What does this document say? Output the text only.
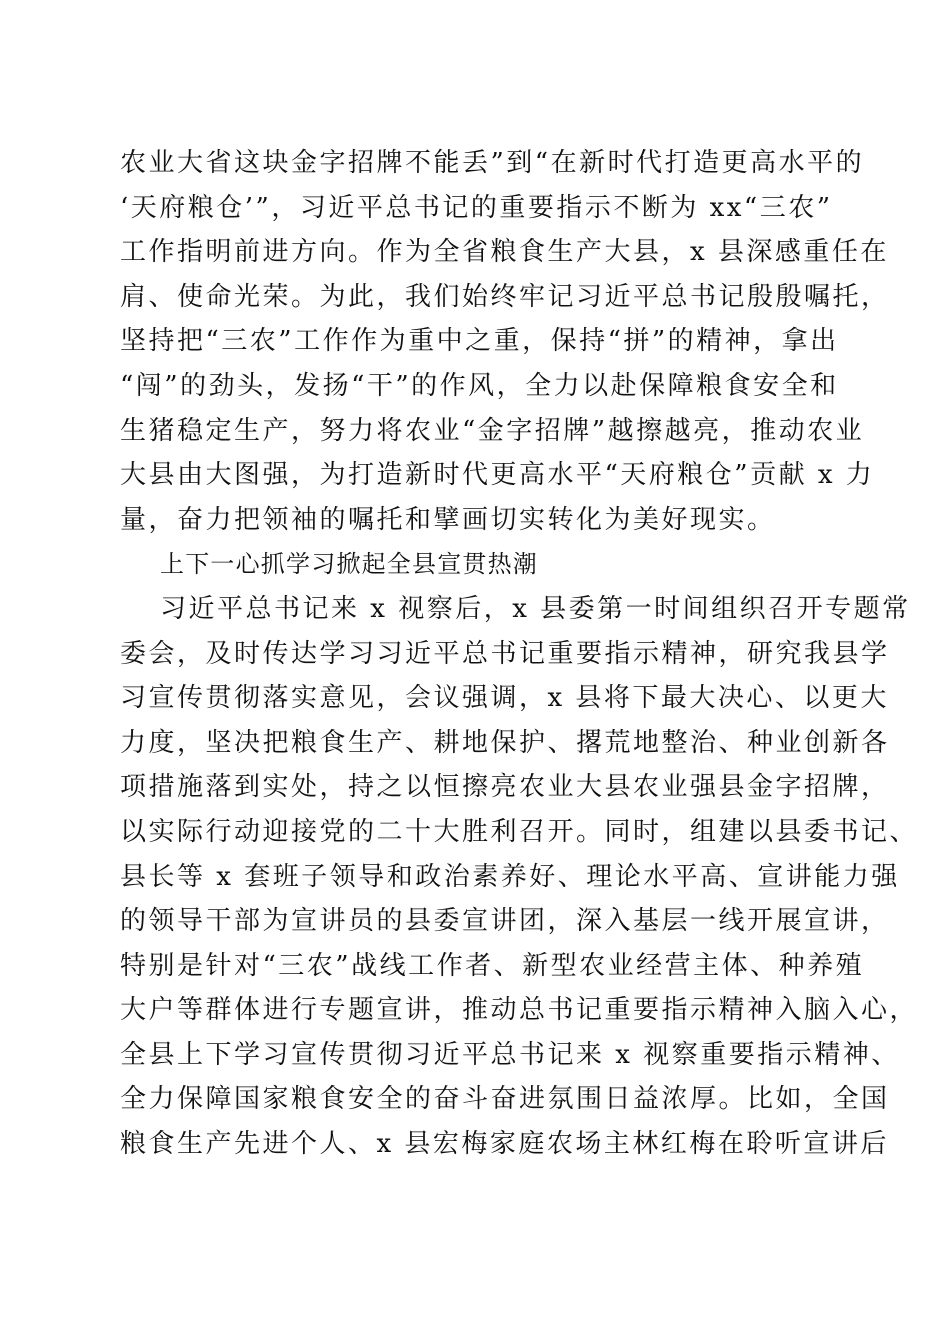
农业大省这块金字招牌不能丢”到“在新时代打造更高水平的
‘天府粮仓’”，习近平总书记的重要指示不断为 xx“三农”
工作指明前进方向。作为全省粮食生产大县，x 县深感重任在
肩、使命光荣。为此，我们始终牢记习近平总书记殷殷嘱托，
坚持把“三农”工作作为重中之重，保持“拼”的精神，拿出
“闯”的劲头，发扬“干”的作风，全力以赴保障粮食安全和
生猪稳定生产，努力将农业“金字招牌”越擦越亮，推动农业
大县由大图强，为打造新时代更高水平“天府粮仓”贡献 x 力
量，奋力把领袖的嘱托和擘画切实转化为美好现实。
上下一心抓学习掀起全县宣贯热潮
习近平总书记来 x 视察后，x 县委第一时间组织召开专题常
委会，及时传达学习习近平总书记重要指示精神，研究我县学
习宣传贯彻落实意见，会议强调，x 县将下最大决心、以更大
力度，坚决把粮食生产、耕地保护、撂荒地整治、种业创新各
项措施落到实处，持之以恒擦亮农业大县农业强县金字招牌，
以实际行动迎接党的二十大胜利召开。同时，组建以县委书记、
县长等 x 套班子领导和政治素养好、理论水平高、宣讲能力强
的领导干部为宣讲员的县委宣讲团，深入基层一线开展宣讲，
特别是针对“三农”战线工作者、新型农业经营主体、种养殖
大户等群体进行专题宣讲，推动总书记重要指示精神入脑入心，
全县上下学习宣传贯彻习近平总书记来 x 视察重要指示精神、
全力保障国家粮食安全的奋斗奋进氛围日益浓厚。比如，全国
粮食生产先进个人、x 县宏梅家庭农场主林红梅在聆听宣讲后
